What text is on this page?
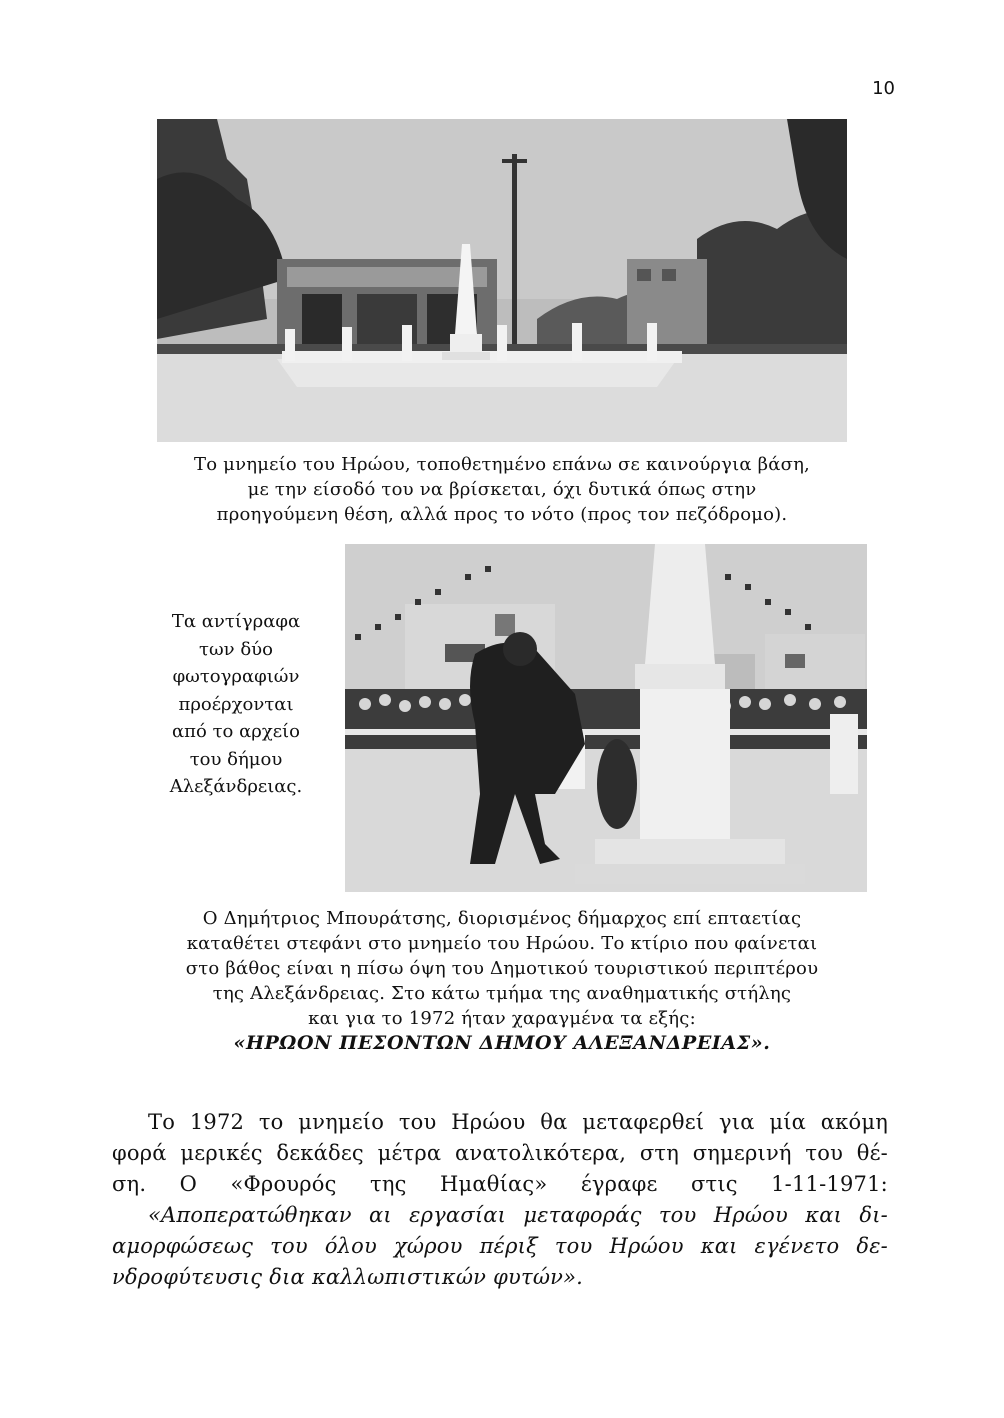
10
Το μνημείο του Ηρώου, τοποθετημένο επάνω σε καινούργια βάση,
με την είσοδό του να βρίσκεται, όχι δυτικά όπως στην
προηγούμενη θέση, αλλά προς το νότο (προς τον πεζόδρομο).
Τα αντίγραφα
των δύο
φωτογραφιών
προέρχονται
από το αρχείο
του δήμου
Αλεξάνδρειας.
Ο Δημήτριος Μπουράτσης, διορισμένος δήμαρχος επί επταετίας
καταθέτει στεφάνι στο μνημείο του Ηρώου. Το κτίριο που φαίνεται
στο βάθος είναι η πίσω όψη του Δημοτικού τουριστικού περιπτέρου
της Αλεξάνδρειας. Στο κάτω τμήμα της αναθηματικής στήλης
και για το 1972 ήταν χαραγμένα τα εξής:
«ΗΡΩΟΝ ΠΕΣΟΝΤΩΝ ΔΗΜΟΥ ΑΛΕΞΑΝΔΡΕΙΑΣ».
Το 1972 το μνημείο του Ηρώου θα μεταφερθεί για μία ακόμη
φορά μερικές δεκάδες μέτρα ανατολικότερα, στη σημερινή του θέ-
ση. Ο «Φρουρός της Ημαθίας» έγραφε στις 1-11-1971:
«Αποπερατώθηκαν αι εργασίαι μεταφοράς του Ηρώου και δι-
αμορφώσεως του όλου χώρου πέριξ του Ηρώου και εγένετο δε-
νδροφύτευσις δια καλλωπιστικών φυτών».
